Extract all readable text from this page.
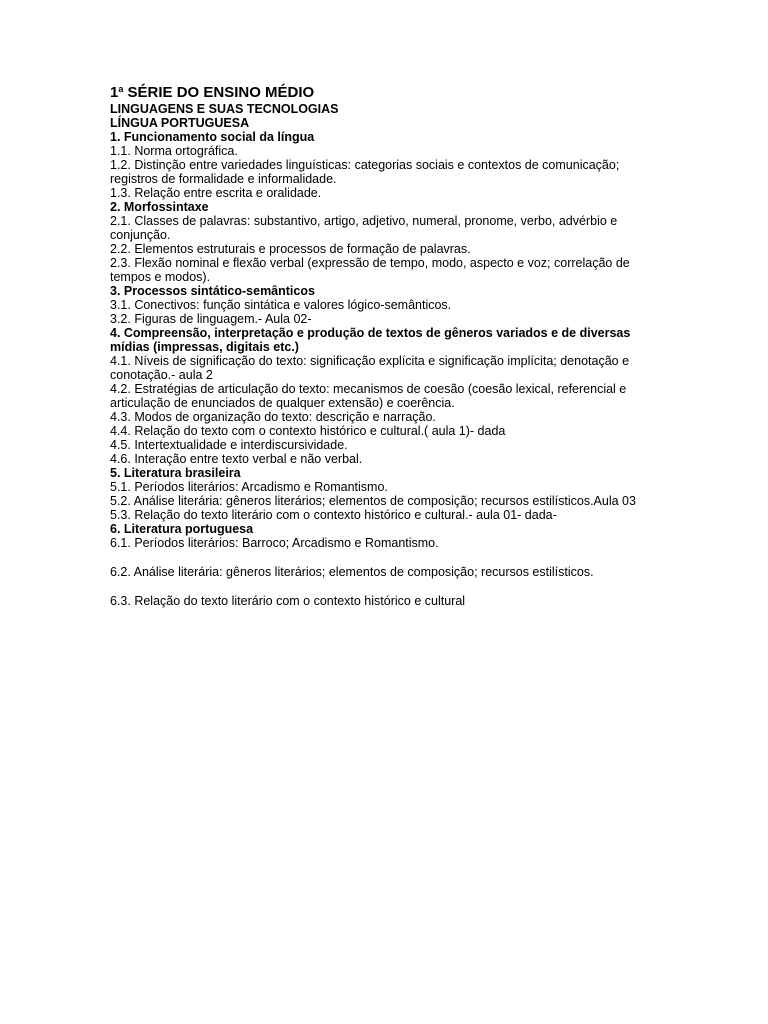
1$^a$ SÉRIE DO ENSINO MÉDIO

LINGUAGENS E SUAS TECNOLOGIAS

LÍNGUA PORTUGUESA

1. Funcionamento social da língua

1.1. Norma ortográfica.

1.2. Distinção entre variedades linguísticas: categorias sociais e contextos de comunicação;

registros de formalidade e informalidade.

1.3. Relação entre escrita e oralidade.

2. Morfossintaxe

2.1. Classes de palavras: substantivo, artigo, adjetivo, numeral, pronome, verbo, advérbio e

conjunção.

2.2. Elementos estruturais e processos de formação de palavras.

2.3. Flexão nominal e flexão verbal (expressão de tempo, modo, aspecto e voz; correlação de

tempos e modos).

3. Processos sintático-semânticos

3.1. Conectivos: função sintática e valores lógico-semânticos.

3.2. Figuras de linguagem.- Aula 02-

4. Compreensão, interpretação e produção de textos de gêneros variados e de diversas

mídias (impressas, digitais etc.)

4.1. Níveis de significação do texto: significação explícita e significação implícita; denotação e

conotação.- aula 2

4.2. Estratégias de articulação do texto: mecanismos de coesão (coesão lexical, referencial e

articulação de enunciados de qualquer extensão) e coerência.

4.3. Modos de organização do texto: descrição e narração.

4.4. Relação do texto com o contexto histórico e cultural.( aula 1)- dada

4.5. Intertextualidade e interdiscursividade.

4.6. Interação entre texto verbal e não verbal.

5. Literatura brasileira

5.1. Períodos literários: Arcadismo e Romantismo.

5.2. Análise literária: gêneros literários; elementos de composição; recursos estilísticos.Aula 03

5.3. Relação do texto literário com o contexto histórico e cultural.- aula 01- dada-

6. Literatura portuguesa

6.1. Períodos literários: Barroco; Arcadismo e Romantismo.

6.2. Análise literária: gêneros literários; elementos de composição; recursos estilísticos.

6.3. Relação do texto literário com o contexto histórico e cultural
